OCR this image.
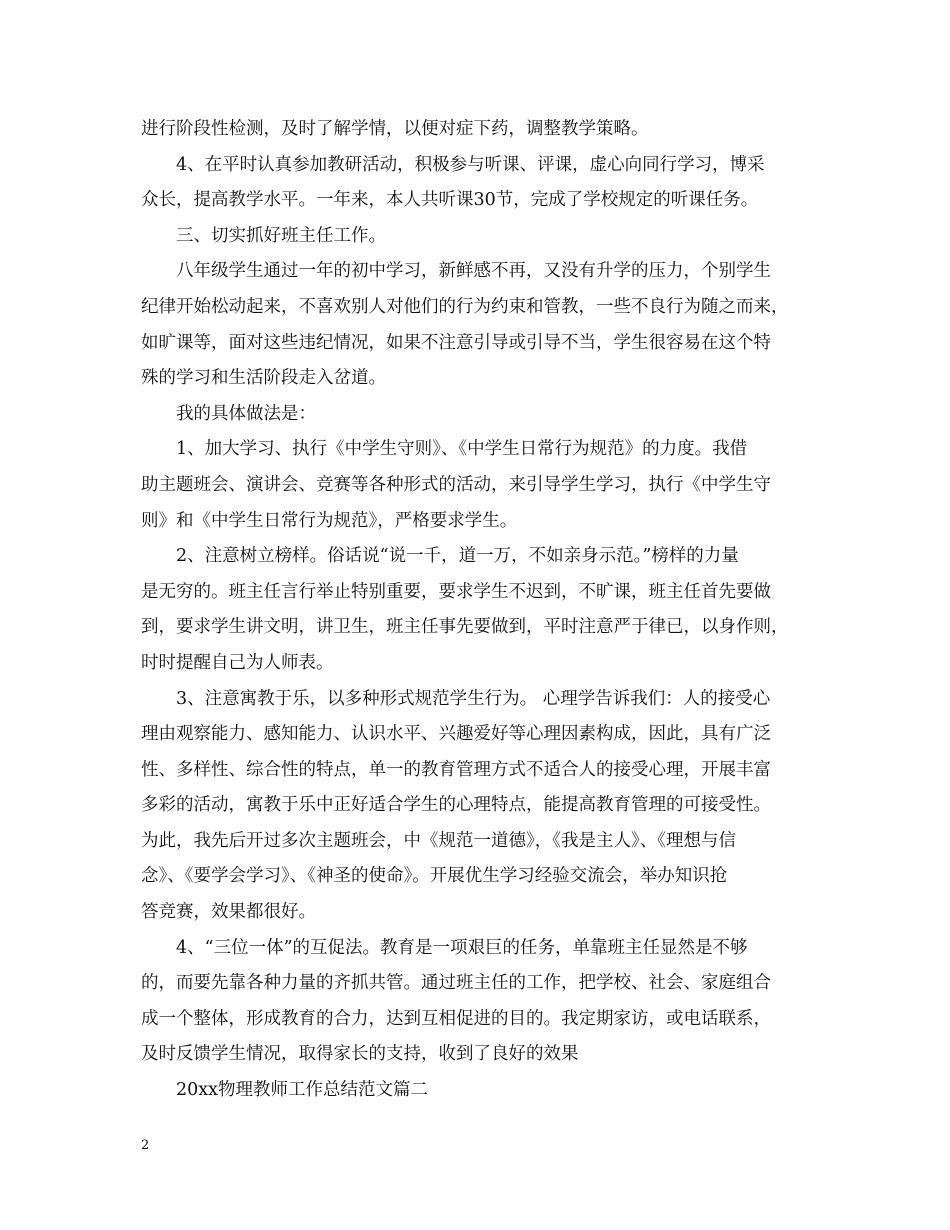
进行阶段性检测，及时了解学情，以便对症下药，调整教学策略。
4、在平时认真参加教研活动，积极参与听课、评课，虚心向同行学习，博采
众长，提高教学水平。一年来，本人共听课30节，完成了学校规定的听课任务。
三、切实抓好班主任工作。
八年级学生通过一年的初中学习，新鲜感不再，又没有升学的压力，个别学生
纪律开始松动起来，不喜欢别人对他们的行为约束和管教，一些不良行为随之而来，
如旷课等，面对这些违纪情况，如果不注意引导或引导不当，学生很容易在这个特
殊的学习和生活阶段走入岔道。
我的具体做法是：
1、加大学习、执行《中学生守则》、《中学生日常行为规范》的力度。我借
助主题班会、演讲会、竞赛等各种形式的活动，来引导学生学习，执行《中学生守
则》和《中学生日常行为规范》，严格要求学生。
2、注意树立榜样。俗话说“说一千，道一万，不如亲身示范。”榜样的力量
是无穷的。班主任言行举止特别重要，要求学生不迟到，不旷课，班主任首先要做
到，要求学生讲文明，讲卫生，班主任事先要做到，平时注意严于律已，以身作则，
时时提醒自己为人师表。
3、注意寓教于乐，以多种形式规范学生行为。 心理学告诉我们：人的接受心
理由观察能力、感知能力、认识水平、兴趣爱好等心理因素构成，因此，具有广泛
性、多样性、综合性的特点，单一的教育管理方式不适合人的接受心理，开展丰富
多彩的活动，寓教于乐中正好适合学生的心理特点，能提高教育管理的可接受性。
为此，我先后开过多次主题班会，中《规范一道德》，《我是主人》、《理想与信
念》、《要学会学习》、《神圣的使命》。开展优生学习经验交流会，举办知识抢
答竞赛，效果都很好。
4、“三位一体”的互促法。教育是一项艰巨的任务，单靠班主任显然是不够
的，而要先靠各种力量的齐抓共管。通过班主任的工作，把学校、社会、家庭组合
成一个整体，形成教育的合力，达到互相促进的目的。我定期家访，或电话联系，
及时反馈学生情况，取得家长的支持，收到了良好的效果
20xx物理教师工作总结范文篇二
2
